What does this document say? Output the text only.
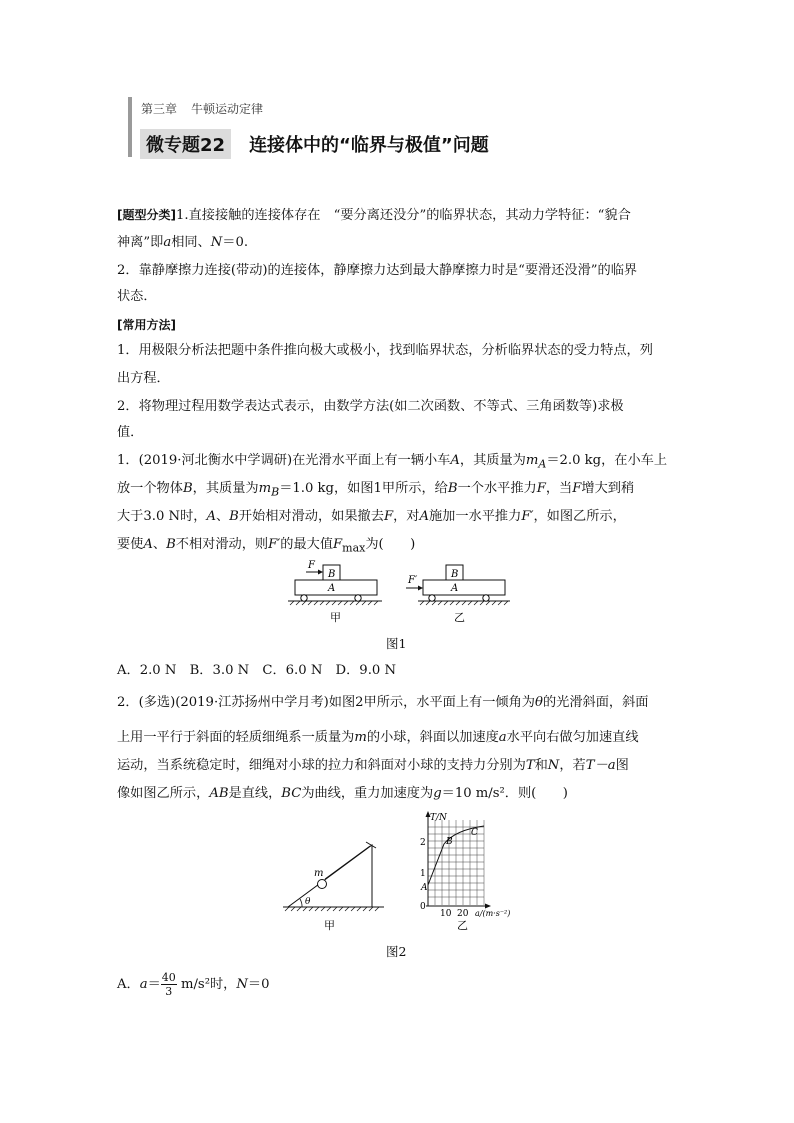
第三章 牛顿运动定律
微专题22	连接体中的“临界与极值”问题
[题型分类]1.直接接触的连接体存在　“要分离还没分”的临界状态，其动力学特征：“貌合
神离”即a相同、N＝0.
2．靠静摩擦力连接(带动)的连接体，静摩擦力达到最大静摩擦力时是“要滑还没滑”的临界
状态．
[常用方法]
1．用极限分析法把题中条件推向极大或极小，找到临界状态，分析临界状态的受力特点，列
出方程．
2．将物理过程用数学表达式表示，由数学方法(如二次函数、不等式、三角函数等)求极
值．
1．(2019·河北衡水中学调研)在光滑水平面上有一辆小车A，其质量为$m_A=2.0$ kg，在小车上
放一个物体B，其质量为$m_B=1.0$ kg，如图1甲所示，给B一个水平推力F，当F增大到稍
大于3.0 N时，A、B开始相对滑动，如果撤去F，对A施加一水平推力F′，如图乙所示，
要使A、B不相对滑动，则F′的最大值$F_{max}$为(　　)
B
A
F
甲
B
A
F′
乙
图1
A．2.0 N　B．3.0 N　C．6.0 N　D．9.0 N
2．(多选)(2019·江苏扬州中学月考)如图2甲所示，水平面上有一倾角为θ的光滑斜面，斜面
上用一平行于斜面的轻质细绳系一质量为m的小球，斜面以加速度a水平向右做匀加速直线
运动，当系统稳定时，细绳对小球的拉力和斜面对小球的支持力分别为T和N，若T－a图
像如图乙所示，AB是直线，BC为曲线，重力加速度为g＝10 m/s²．则(　　)
m
θ
甲
T/N
2
1
0
10 20 a/(m·s⁻²)
A
B
C
乙
图2
A．$a= \frac{40}{3} m/s^2$时，N＝0
